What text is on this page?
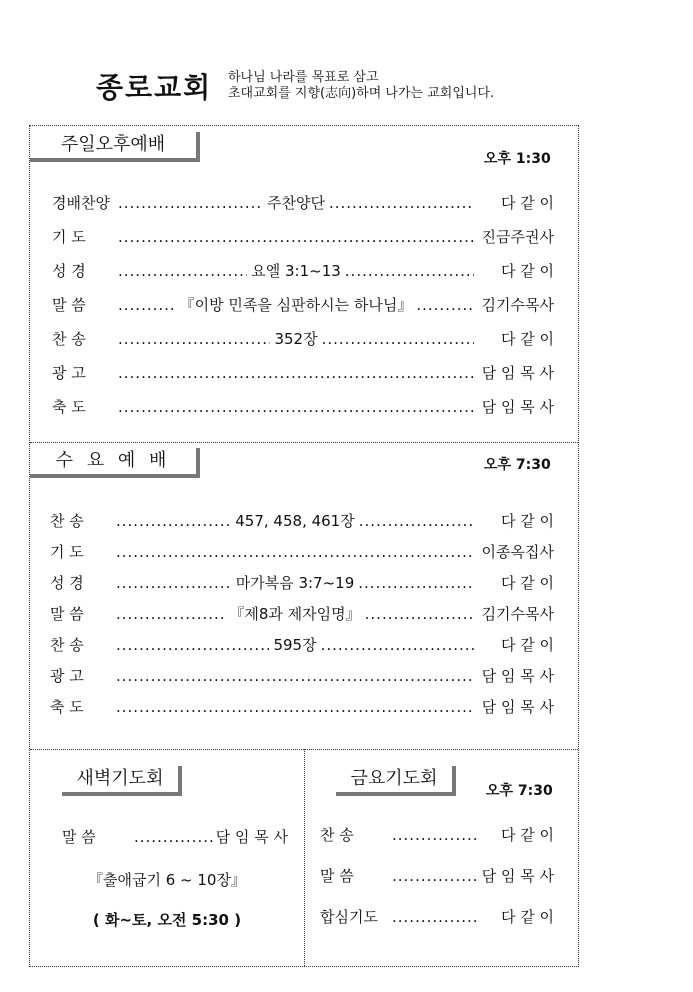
종로교회 하나님 나라를 목표로 삼고
초대교회를 지향(志向)하며 나가는 교회입니다.
주일오후예배
오후 1:30
경배찬양 .....	주찬양단 .....	다 같 이
기 도 .....	진금주권사
성 경 .....	요엘 3:1~13 .....	다 같 이
말 씀 .....	『이방 민족을 심판하시는 하나님』 .....	김기수목사
찬 송 .....	352장 .....	다 같 이
광 고 .....	담 임 목 사
축 도 .....	담 임 목 사
수 요 예 배	오후 7:30
찬 송 .....	457, 458, 461장 .....	다 같 이
기 도 .....	이종옥집사
성 경 .....	마가복음 3:7~19 .....	다 같 이
말 씀 .....	『제8과 제자임명』 .....	김기수목사
찬 송 .....	595장 .....	다 같 이
광 고 .....	담 임 목 사
축 도 .....	담 임 목 사
새벽기도회
말 씀 .....	담 임 목 사
『출애굽기 6 ~ 10장』
( 화~토, 오전 5:30 )
금요기도회
오후 7:30
찬 송 .....	다 같 이
말 씀 .....	담 임 목 사
합심기도 .....	다 같 이
